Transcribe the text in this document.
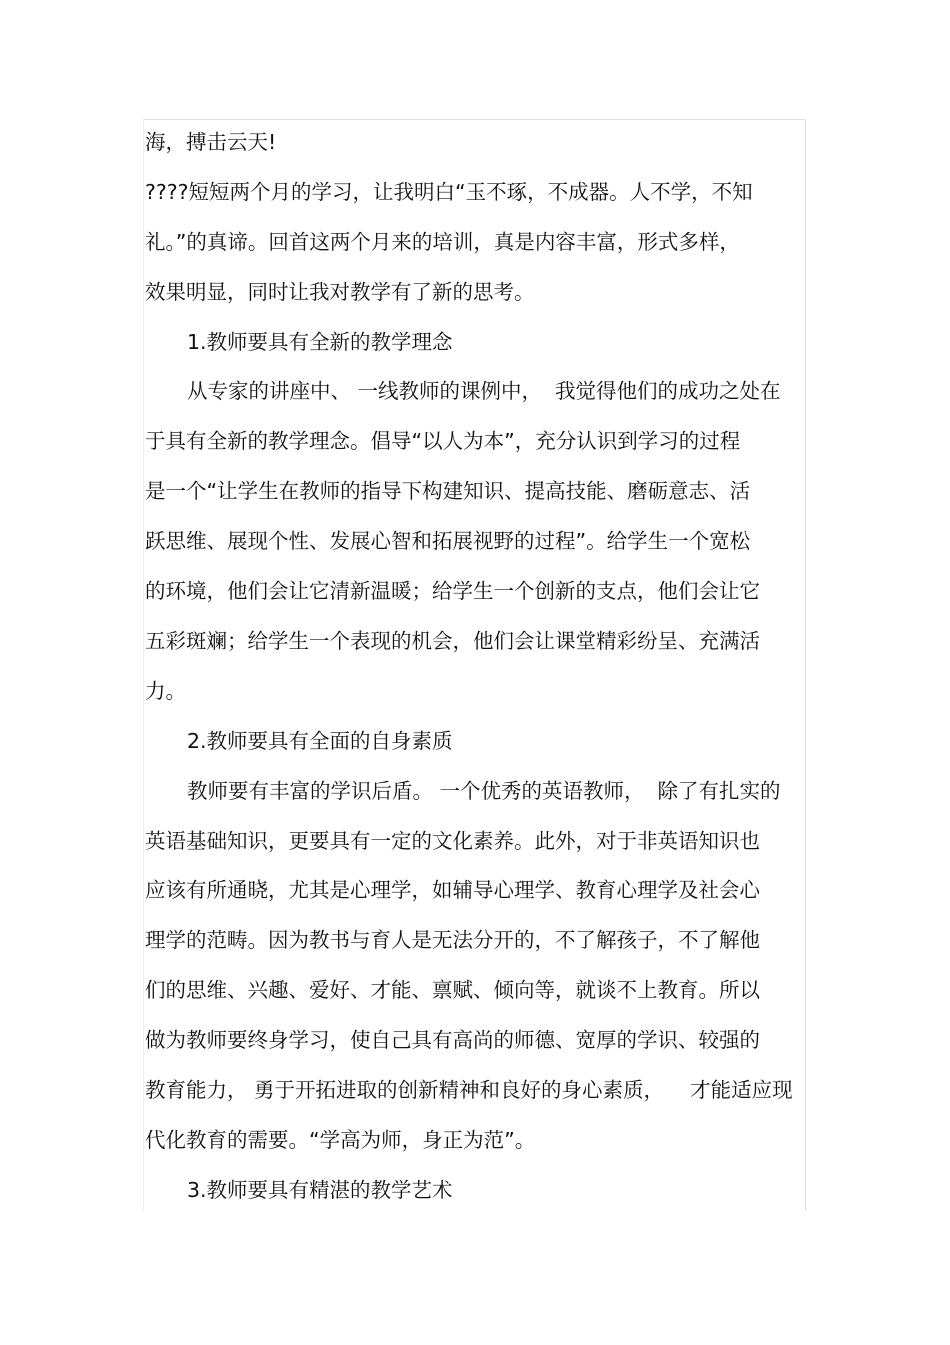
海，搏击云天!
????短短两个月的学习，让我明白“玉不琢，不成器。人不学，不知
礼。”的真谛。回首这两个月来的培训，真是内容丰富，形式多样，
效果明显，同时让我对教学有了新的思考。
1.教师要具有全新的教学理念
从专家的讲座中、 一线教师的课例中，  我觉得他们的成功之处在
于具有全新的教学理念。倡导“以人为本”，充分认识到学习的过程
是一个“让学生在教师的指导下构建知识、提高技能、磨砺意志、活
跃思维、展现个性、发展心智和拓展视野的过程”。给学生一个宽松
的环境，他们会让它清新温暖；给学生一个创新的支点，他们会让它
五彩斑斓；给学生一个表现的机会，他们会让课堂精彩纷呈、充满活
力。
2.教师要具有全面的自身素质
教师要有丰富的学识后盾。 一个优秀的英语教师，  除了有扎实的
英语基础知识，更要具有一定的文化素养。此外，对于非英语知识也
应该有所通晓，尤其是心理学，如辅导心理学、教育心理学及社会心
理学的范畴。因为教书与育人是无法分开的，不了解孩子，不了解他
们的思维、兴趣、爱好、才能、禀赋、倾向等，就谈不上教育。所以
做为教师要终身学习，使自己具有高尚的师德、宽厚的学识、较强的
教育能力， 勇于开拓进取的创新精神和良好的身心素质，    才能适应现
代化教育的需要。“学高为师，身正为范”。
3.教师要具有精湛的教学艺术
